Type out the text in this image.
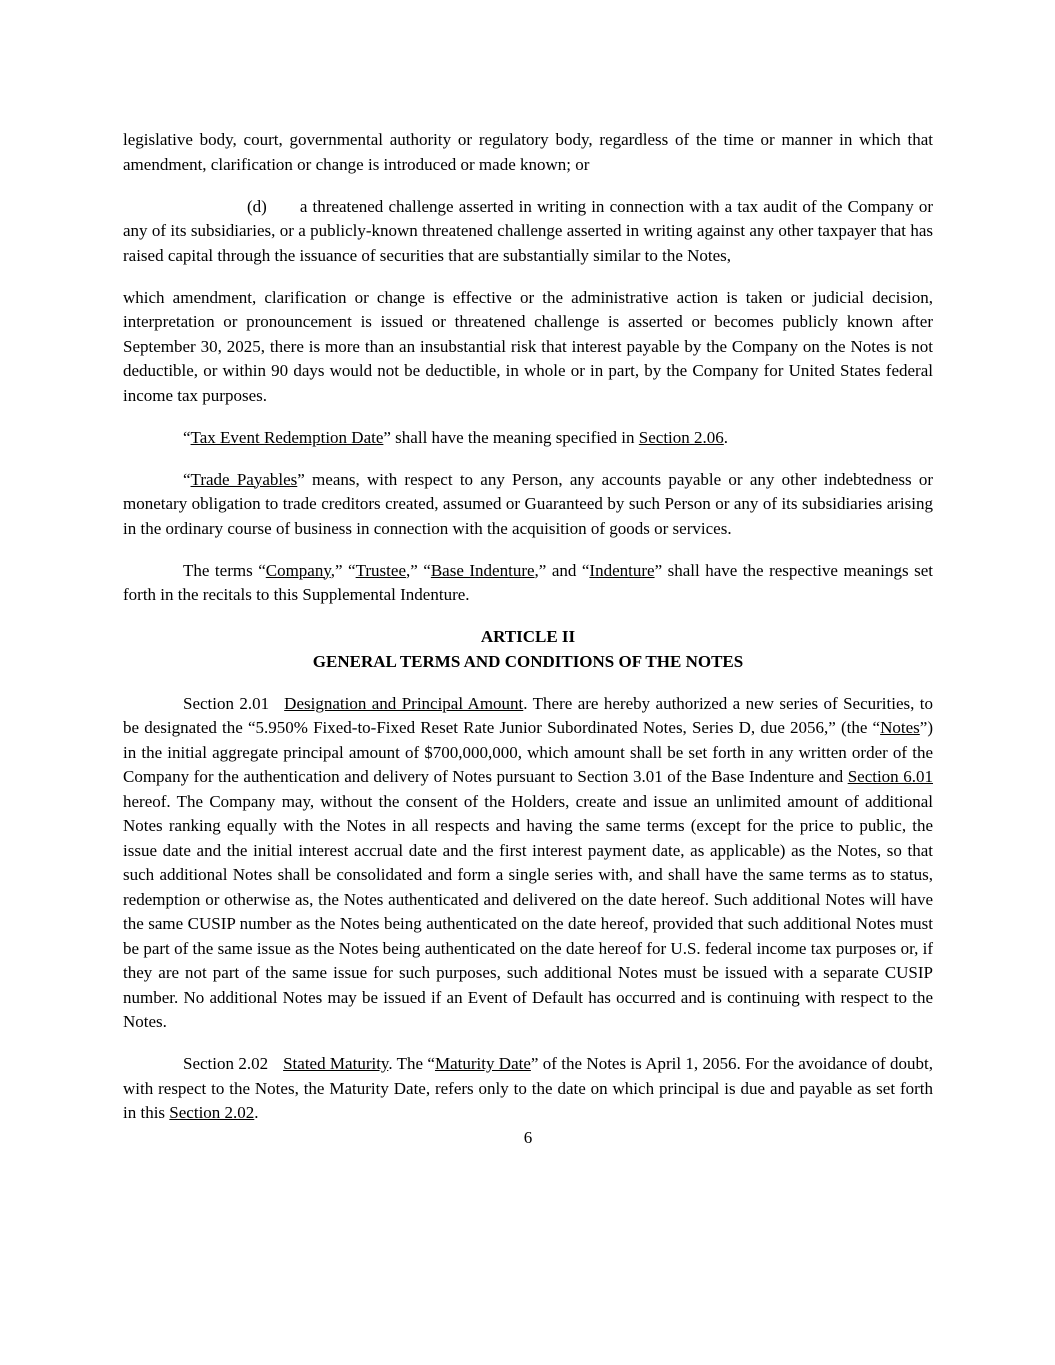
legislative body, court, governmental authority or regulatory body, regardless of the time or manner in which that amendment, clarification or change is introduced or made known; or

(d) a threatened challenge asserted in writing in connection with a tax audit of the Company or any of its subsidiaries, or a publicly-known threatened challenge asserted in writing against any other taxpayer that has raised capital through the issuance of securities that are substantially similar to the Notes,

which amendment, clarification or change is effective or the administrative action is taken or judicial decision, interpretation or pronouncement is issued or threatened challenge is asserted or becomes publicly known after September 30, 2025, there is more than an insubstantial risk that interest payable by the Company on the Notes is not deductible, or within 90 days would not be deductible, in whole or in part, by the Company for United States federal income tax purposes.

“Tax Event Redemption Date” shall have the meaning specified in Section 2.06.

“Trade Payables” means, with respect to any Person, any accounts payable or any other indebtedness or monetary obligation to trade creditors created, assumed or Guaranteed by such Person or any of its subsidiaries arising in the ordinary course of business in connection with the acquisition of goods or services.

The terms “Company,” “Trustee,” “Base Indenture,” and “Indenture” shall have the respective meanings set forth in the recitals to this Supplemental Indenture.

ARTICLE II
GENERAL TERMS AND CONDITIONS OF THE NOTES

Section 2.01 Designation and Principal Amount. There are hereby authorized a new series of Securities, to be designated the “5.950% Fixed-to-Fixed Reset Rate Junior Subordinated Notes, Series D, due 2056,” (the “Notes”) in the initial aggregate principal amount of $700,000,000, which amount shall be set forth in any written order of the Company for the authentication and delivery of Notes pursuant to Section 3.01 of the Base Indenture and Section 6.01 hereof. The Company may, without the consent of the Holders, create and issue an unlimited amount of additional Notes ranking equally with the Notes in all respects and having the same terms (except for the price to public, the issue date and the initial interest accrual date and the first interest payment date, as applicable) as the Notes, so that such additional Notes shall be consolidated and form a single series with, and shall have the same terms as to status, redemption or otherwise as, the Notes authenticated and delivered on the date hereof. Such additional Notes will have the same CUSIP number as the Notes being authenticated on the date hereof, provided that such additional Notes must be part of the same issue as the Notes being authenticated on the date hereof for U.S. federal income tax purposes or, if they are not part of the same issue for such purposes, such additional Notes must be issued with a separate CUSIP number. No additional Notes may be issued if an Event of Default has occurred and is continuing with respect to the Notes.

Section 2.02 Stated Maturity. The “Maturity Date” of the Notes is April 1, 2056. For the avoidance of doubt, with respect to the Notes, the Maturity Date, refers only to the date on which principal is due and payable as set forth in this Section 2.02.

6
